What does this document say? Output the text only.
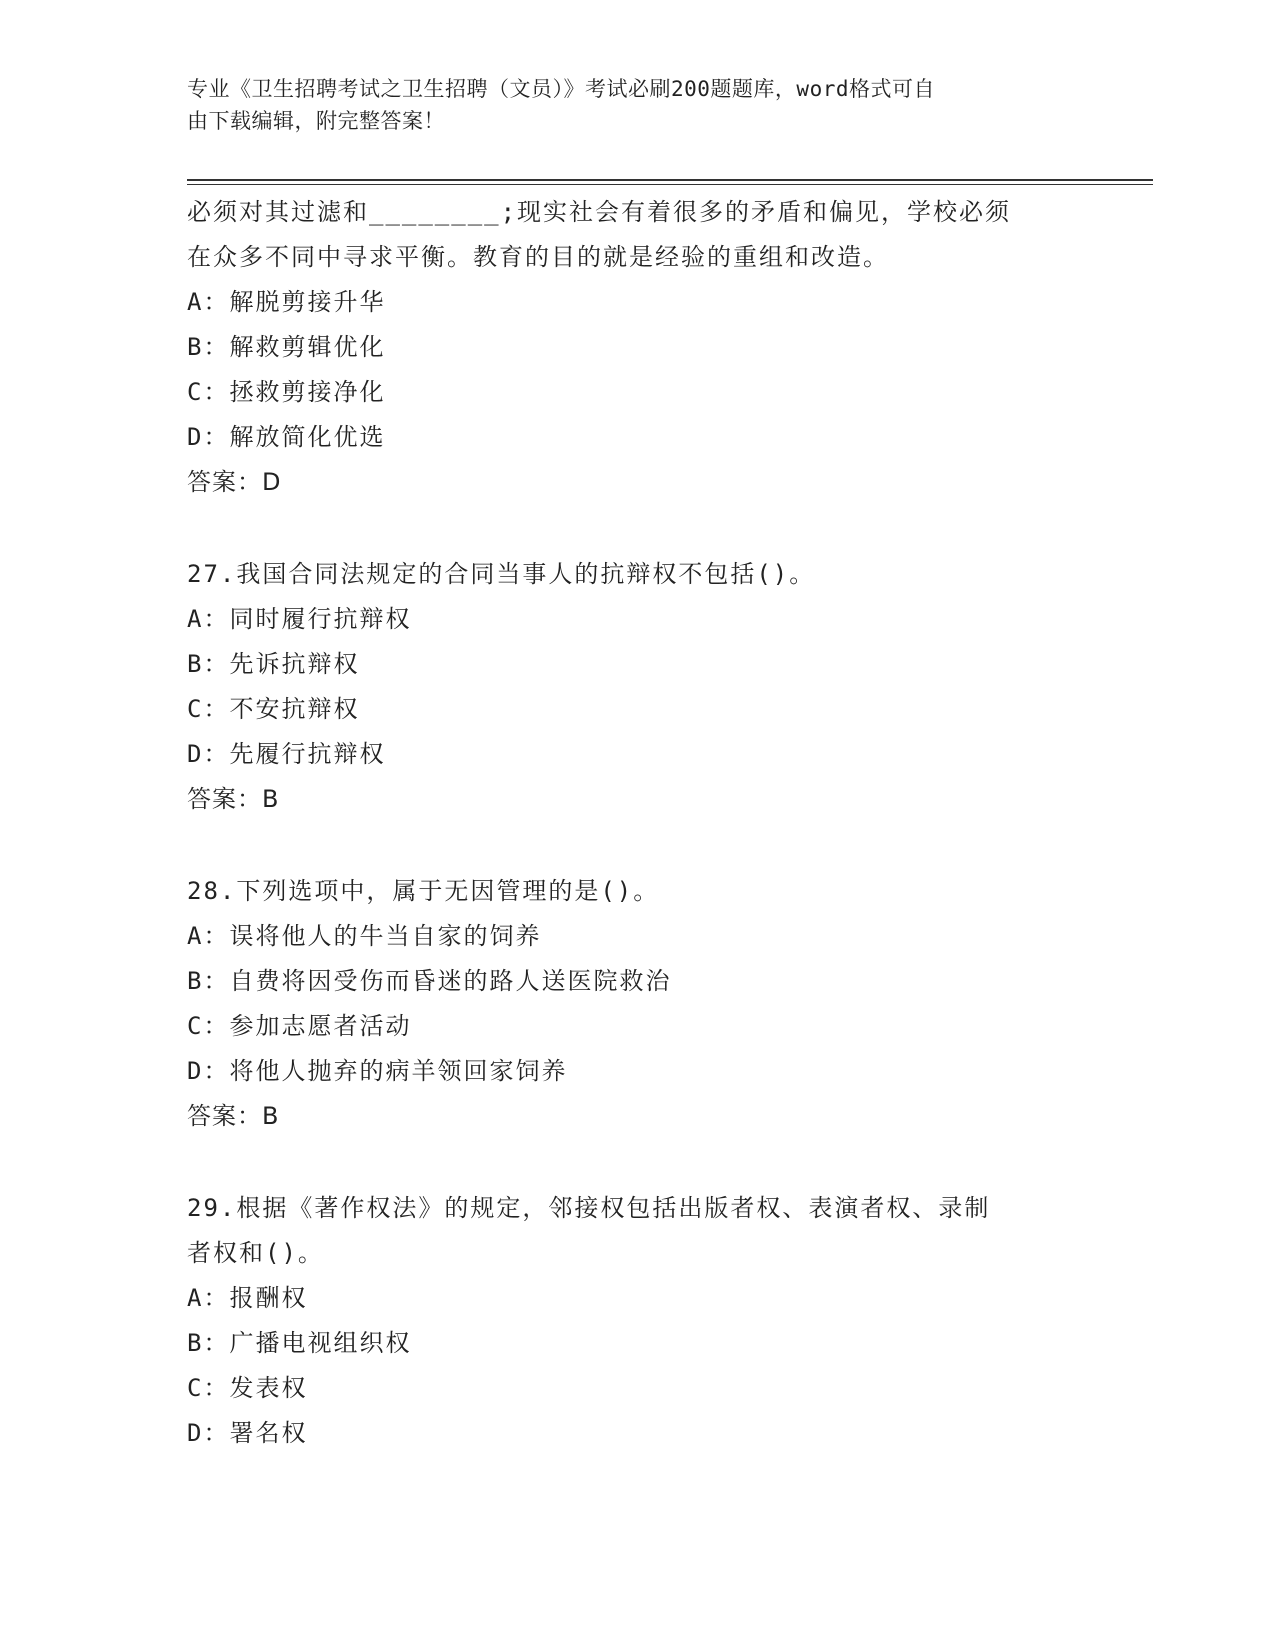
专业《卫生招聘考试之卫生招聘（文员）》考试必刷200题题库，word格式可自
由下载编辑，附完整答案！
必须对其过滤和________;现实社会有着很多的矛盾和偏见，学校必须
在众多不同中寻求平衡。教育的目的就是经验的重组和改造。
A：解脱剪接升华
B：解救剪辑优化
C：拯救剪接净化
D：解放简化优选
答案：D
27.我国合同法规定的合同当事人的抗辩权不包括()。
A：同时履行抗辩权
B：先诉抗辩权
C：不安抗辩权
D：先履行抗辩权
答案：B
28.下列选项中，属于无因管理的是()。
A：误将他人的牛当自家的饲养
B：自费将因受伤而昏迷的路人送医院救治
C：参加志愿者活动
D：将他人抛弃的病羊领回家饲养
答案：B
29.根据《著作权法》的规定，邻接权包括出版者权、表演者权、录制
者权和()。
A：报酬权
B：广播电视组织权
C：发表权
D：署名权
